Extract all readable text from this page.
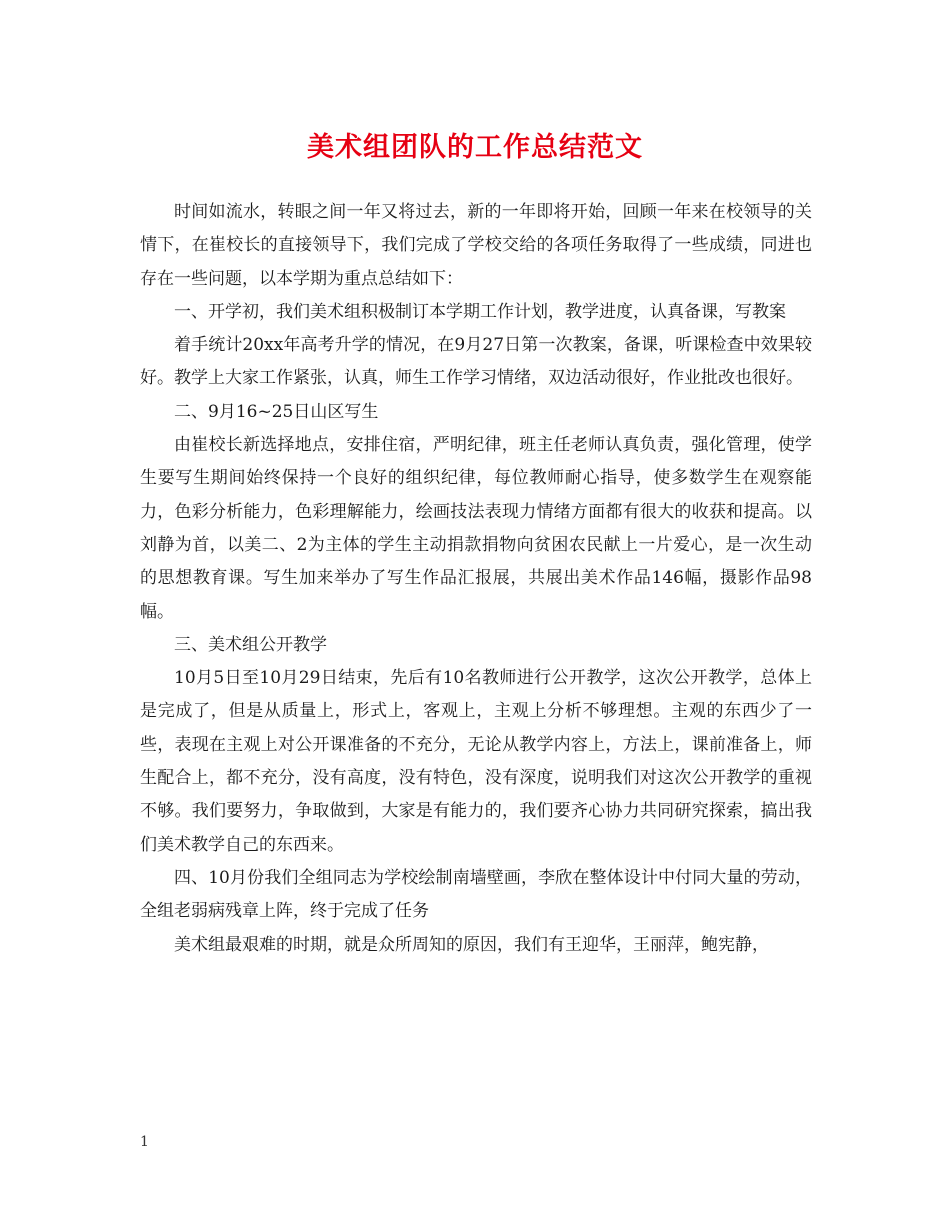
美术组团队的工作总结范文

时间如流水，转眼之间一年又将过去，新的一年即将开始，回顾一年来在校领导的关情下，在崔校长的直接领导下，我们完成了学校交给的各项任务取得了一些成绩，同进也存在一些问题，以本学期为重点总结如下：

一、开学初，我们美术组积极制订本学期工作计划，教学进度，认真备课，写教案

着手统计20xx年高考升学的情况，在9月27日第一次教案，备课，听课检查中效果较好。教学上大家工作紧张，认真，师生工作学习情绪，双边活动很好，作业批改也很好。

二、9月16~25日山区写生

由崔校长新选择地点，安排住宿，严明纪律，班主任老师认真负责，强化管理，使学生要写生期间始终保持一个良好的组织纪律，每位教师耐心指导，使多数学生在观察能力，色彩分析能力，色彩理解能力，绘画技法表现力情绪方面都有很大的收获和提高。以刘静为首，以美二、2为主体的学生主动捐款捐物向贫困农民献上一片爱心，是一次生动的思想教育课。写生加来举办了写生作品汇报展，共展出美术作品146幅，摄影作品98幅。

三、美术组公开教学

10月5日至10月29日结束，先后有10名教师进行公开教学，这次公开教学，总体上是完成了，但是从质量上，形式上，客观上，主观上分析不够理想。主观的东西少了一些，表现在主观上对公开课准备的不充分，无论从教学内容上，方法上，课前准备上，师生配合上，都不充分，没有高度，没有特色，没有深度，说明我们对这次公开教学的重视不够。我们要努力，争取做到，大家是有能力的，我们要齐心协力共同研究探索，搞出我们美术教学自己的东西来。

四、10月份我们全组同志为学校绘制南墙壁画，李欣在整体设计中付同大量的劳动，全组老弱病残章上阵，终于完成了任务

美术组最艰难的时期，就是众所周知的原因，我们有王迎华，王丽萍，鲍宪静，

1
